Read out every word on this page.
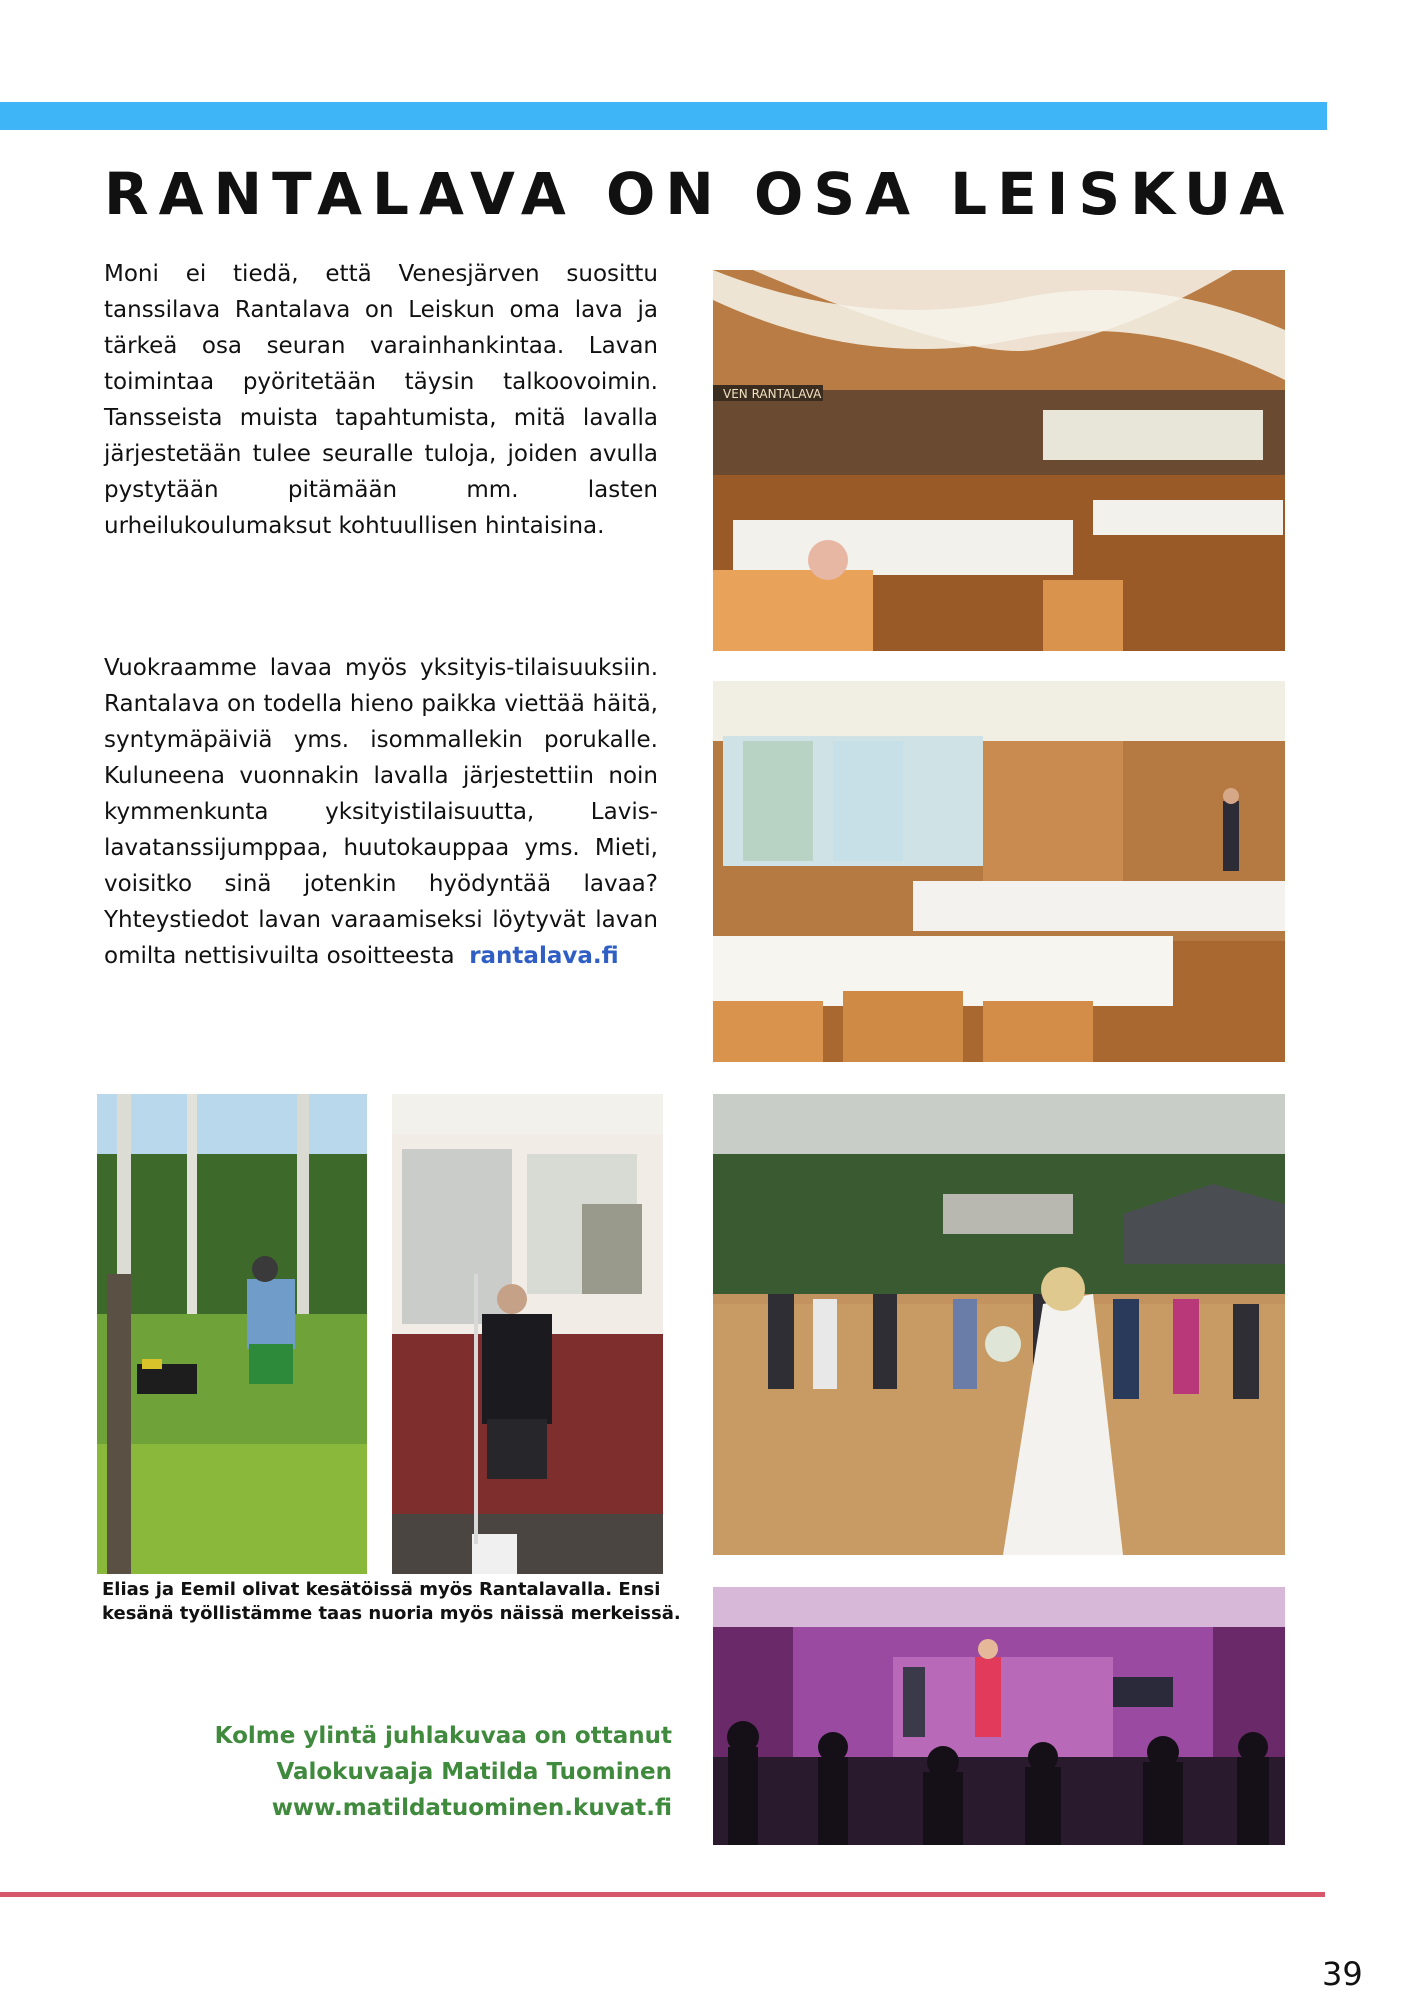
RANTALAVA ON OSA LEISKUA

Moni ei tiedä, että Venesjärven suosittu tanssilava Rantalava on Leiskun oma lava ja tärkeä osa seuran varainhankintaa. Lavan toimintaa pyöritetään täysin talkoovoimin. Tansseista muista tapahtumista, mitä lavalla järjestetään tulee seuralle tuloja, joiden avulla pystytään pitämään mm. lasten urheilukoulumaksut kohtuullisen hintaisina.

Vuokraamme lavaa myös yksityis-tilaisuuksiin. Rantalava on todella hieno paikka viettää häitä, syntymäpäiviä yms. isommallekin porukalle. Kuluneena vuonnakin lavalla järjestettiin noin kymmenkunta yksityistilaisuutta, Lavis-lavatanssijumppaa, huutokauppaa yms. Mieti, voisitko sinä jotenkin hyödyntää lavaa? Yhteystiedot lavan varaamiseksi löytyvät lavan omilta nettisivuilta osoitteesta rantalava.fi

VEN RANTALAVA

Elias ja Eemil olivat kesätöissä myös Rantalavalla. Ensi kesänä työllistämme taas nuoria myös näissä merkeissä.

Kolme ylintä juhlakuvaa on ottanut
Valokuvaaja Matilda Tuominen
www.matildatuominen.kuvat.fi
39
